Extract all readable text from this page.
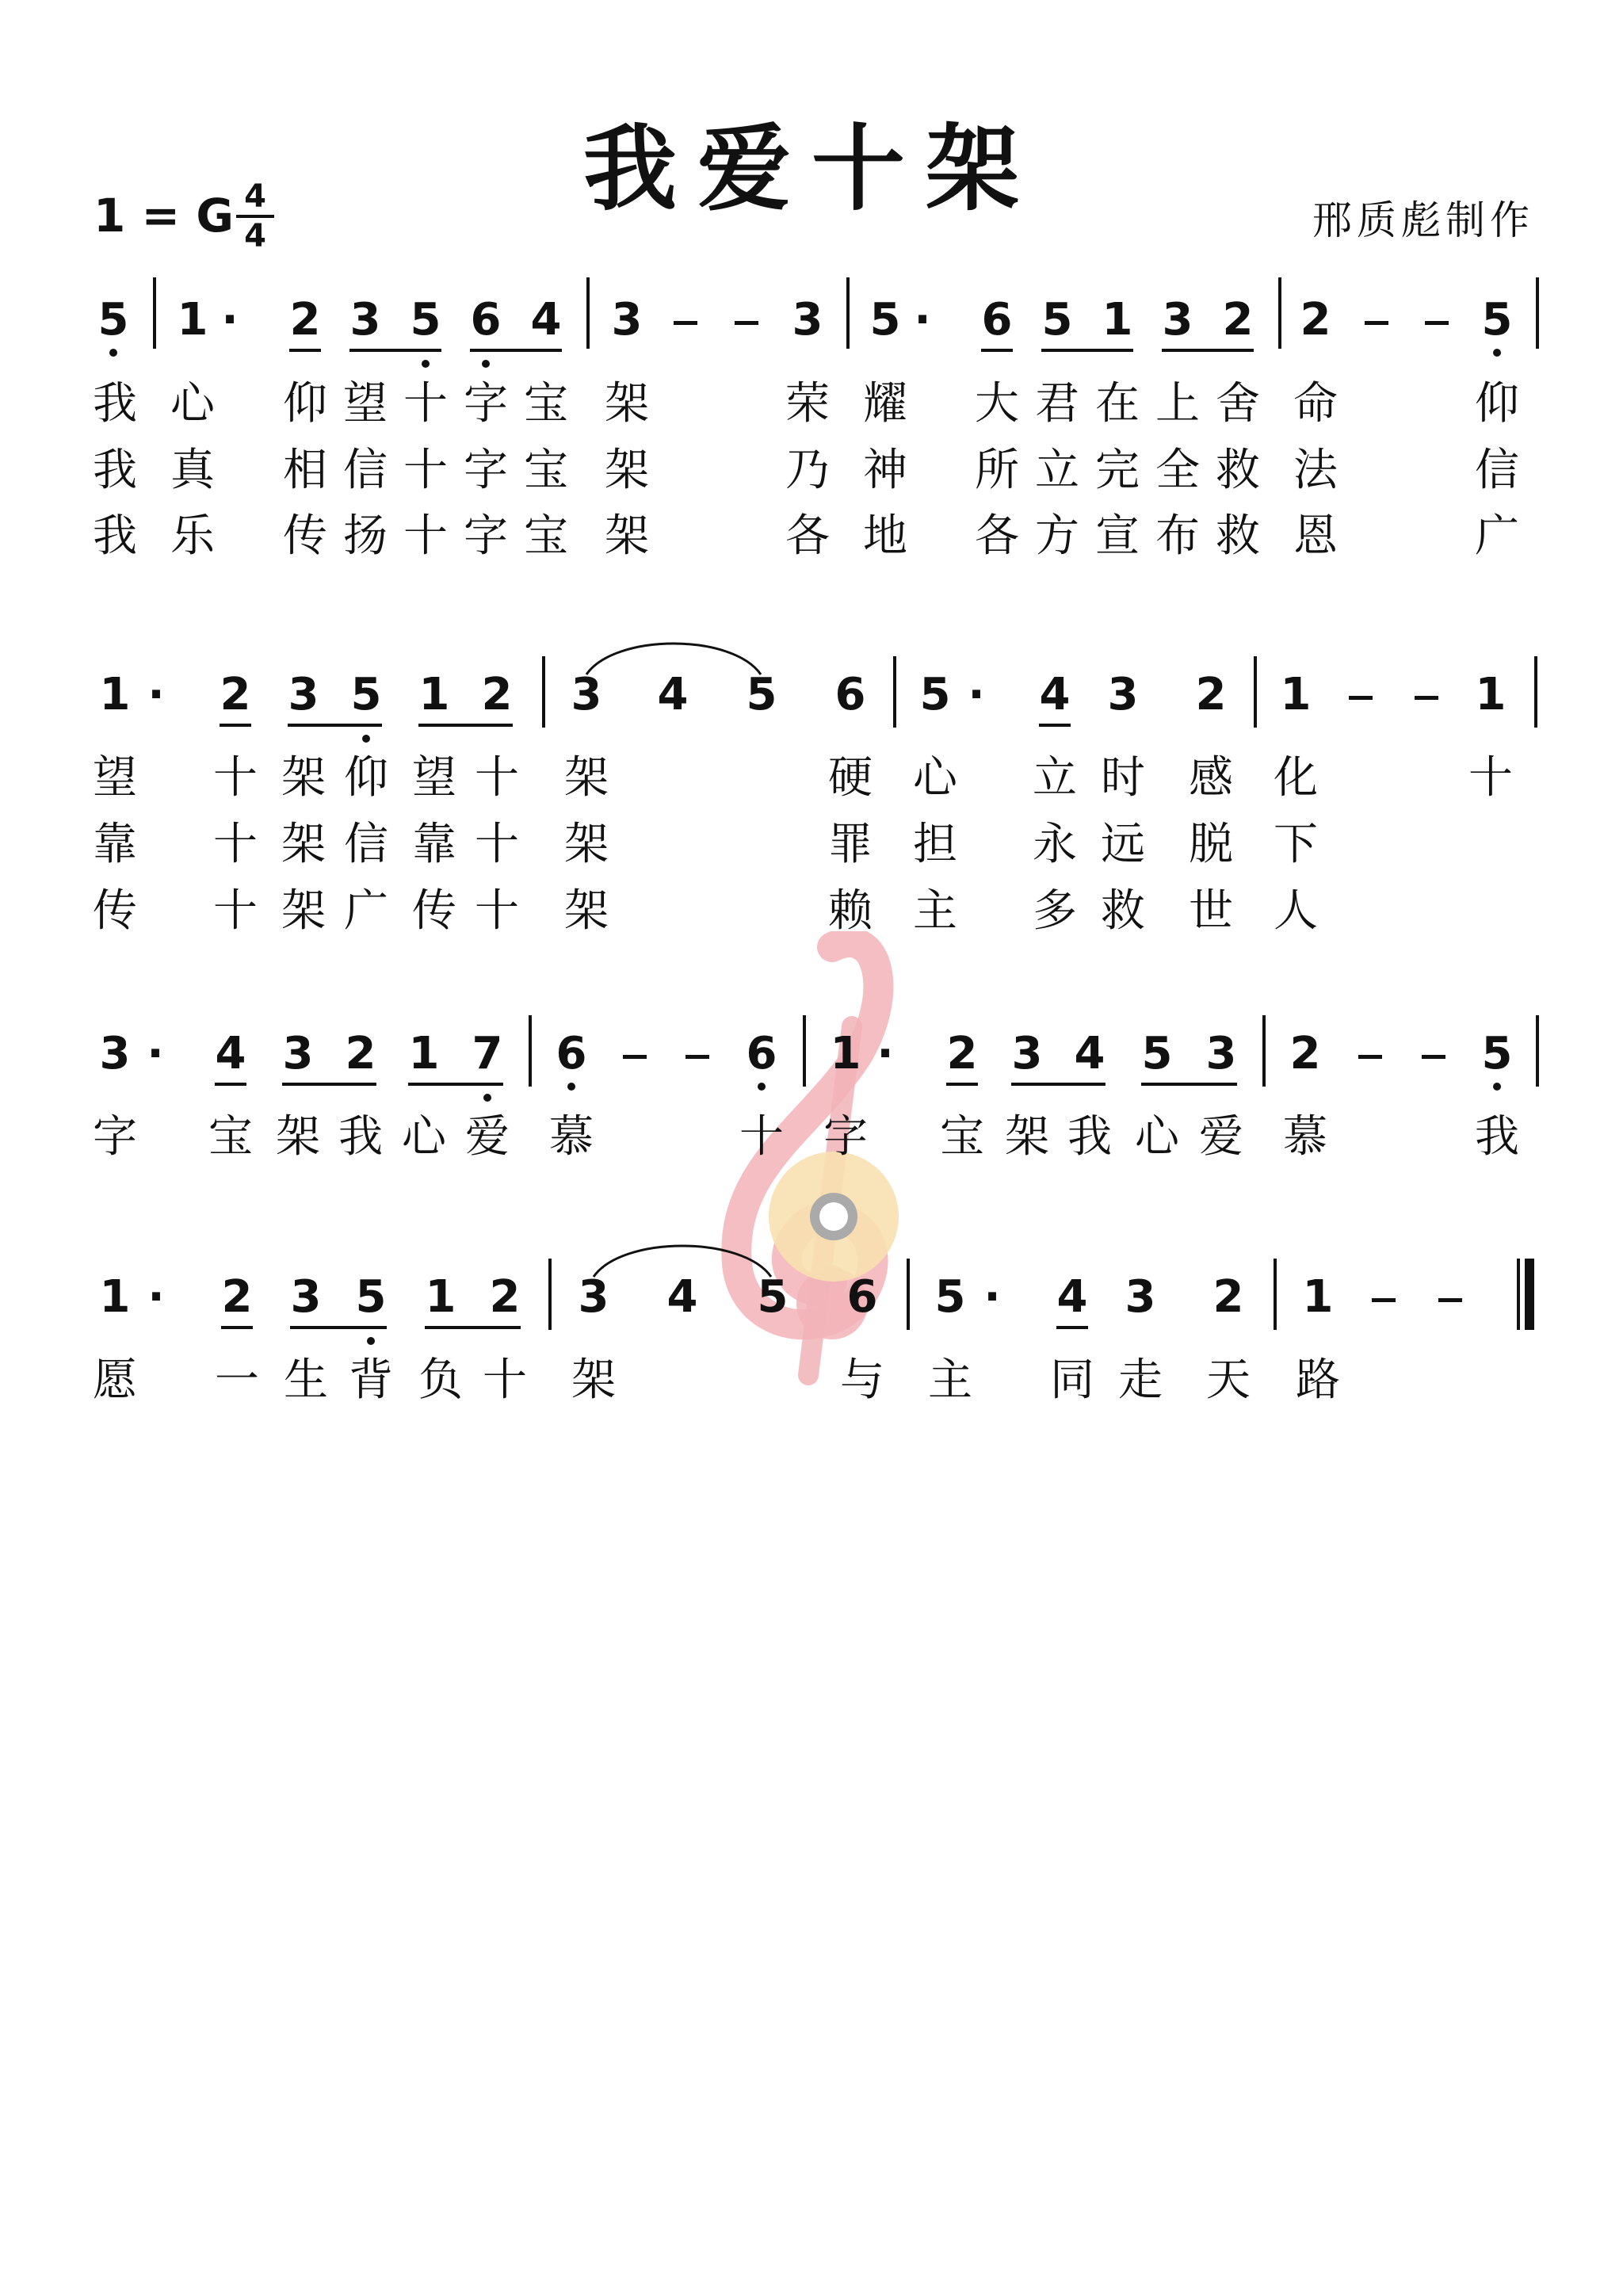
我爱十架
1 = G 4
4	邢质彪制作
5 1 ·	2 3 5 6 4 3	3 5 ·	6 5 1 3 2 2	5
我 心 仰 望 十 字 宝 架	荣 耀 大 君 在 上 舍 命	仰
我 真 相 信 十 字 宝 架	乃 神 所 立 完 全 救 法	信
我 乐 传 扬 十 字 宝 架	各 地 各 方 宣 布 救 恩	广
1 ·	2 3 5 1 2 3 4 5 6 5 ·	4 3 2 1	1
望 十 架 仰 望 十 架	硬 心 立 时 感 化	十
靠 十 架 信 靠 十 架	罪 担 永 远 脱 下
传 十 架 广 传 十 架	赖 主 多 救 世 人
3 ·	4 3 2 1 7 6	6 1 ·	2 3 4 5 3 2	5
字 宝 架 我 心 爱 慕	十 字 宝 架 我 心 爱 慕	我
1 ·	2 3 5 1 2 3 4 5 6 5 ·	4 3 2 1
愿 一 生 背 负 十 架	与 主 同 走 天 路
